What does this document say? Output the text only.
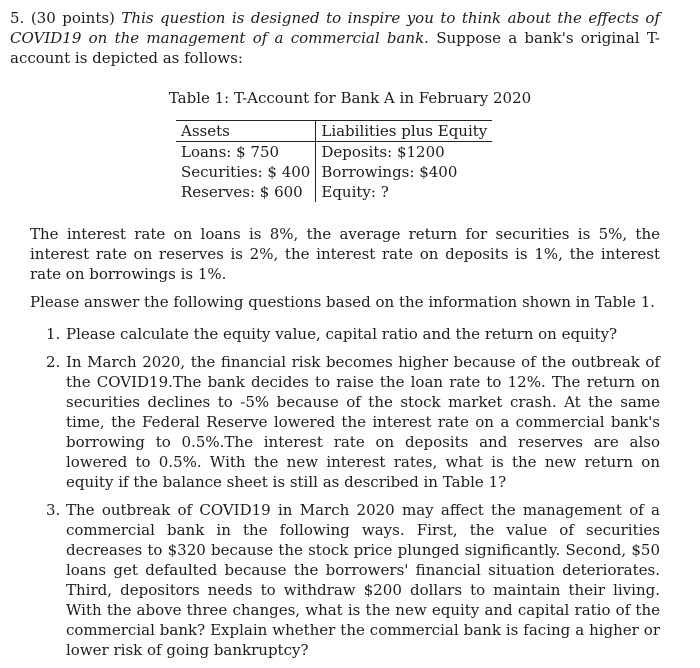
5. (30 points) This question is designed to inspire you to think about the effects of COVID19 on the management of a commercial bank. Suppose a bank's original T-account is depicted as follows:
Table 1: T-Account for Bank A in February 2020
Assets	Liabilities plus Equity
Loans: $ 750	Deposits: $1200
Securities: $ 400	Borrowings: $400
Reserves: $ 600	Equity: ?
The interest rate on loans is 8%, the average return for securities is 5%, the interest rate on reserves is 2%, the interest rate on deposits is 1%, the interest rate on borrowings is 1%.
Please answer the following questions based on the information shown in Table 1.
1. Please calculate the equity value, capital ratio and the return on equity?
2. In March 2020, the financial risk becomes higher because of the outbreak of the COVID19.The bank decides to raise the loan rate to 12%. The return on securities declines to -5% because of the stock market crash. At the same time, the Federal Reserve lowered the interest rate on a commercial bank's borrowing to 0.5%.The interest rate on deposits and reserves are also lowered to 0.5%. With the new interest rates, what is the new return on equity if the balance sheet is still as described in Table 1?
3. The outbreak of COVID19 in March 2020 may affect the management of a commercial bank in the following ways. First, the value of securities decreases to $320 because the stock price plunged significantly. Second, $50 loans get defaulted because the borrowers' financial situation deteriorates. Third, depositors needs to withdraw $200 dollars to maintain their living. With the above three changes, what is the new equity and capital ratio of the commercial bank? Explain whether the commercial bank is facing a higher or lower risk of going bankruptcy?
